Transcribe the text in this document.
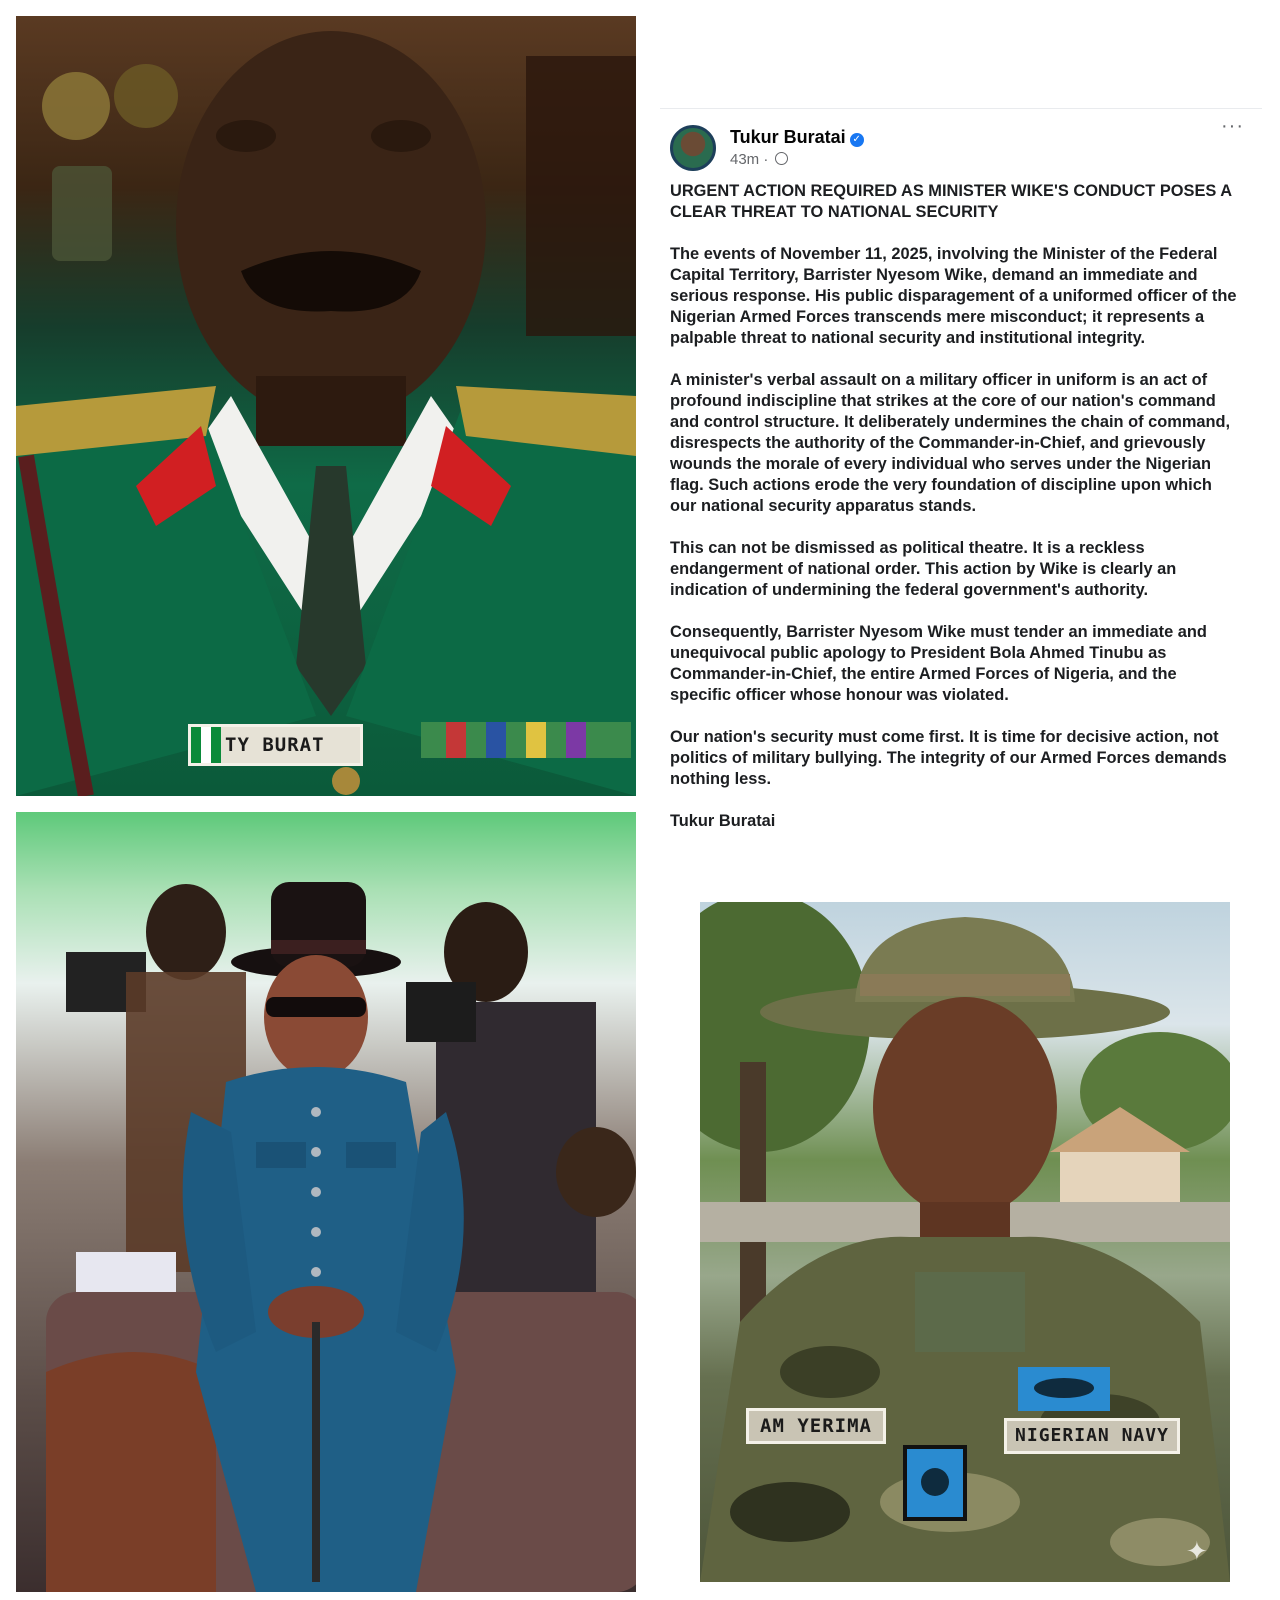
TY BURAT
AM YERIMA	NIGERIAN NAVY
✦
Tukur Buratai ✓
43m ·
···

URGENT ACTION REQUIRED AS MINISTER WIKE'S CONDUCT POSES A CLEAR THREAT TO NATIONAL SECURITY

The events of November 11, 2025, involving the Minister of the Federal Capital Territory, Barrister Nyesom Wike, demand an immediate and serious response. His public disparagement of a uniformed officer of the Nigerian Armed Forces transcends mere misconduct; it represents a palpable threat to national security and institutional integrity.

A minister's verbal assault on a military officer in uniform is an act of profound indiscipline that strikes at the core of our nation's command and control structure. It deliberately undermines the chain of command, disrespects the authority of the Commander-in-Chief, and grievously wounds the morale of every individual who serves under the Nigerian flag. Such actions erode the very foundation of discipline upon which our national security apparatus stands.

This can not be dismissed as political theatre. It is a reckless endangerment of national order. This action by Wike is clearly an indication of undermining the federal government's authority.

Consequently, Barrister Nyesom Wike must tender an immediate and unequivocal public apology to President Bola Ahmed Tinubu as Commander-in-Chief, the entire Armed Forces of Nigeria, and the specific officer whose honour was violated.

Our nation's security must come first. It is time for decisive action, not politics of military bullying. The integrity of our Armed Forces demands nothing less.

Tukur Buratai
